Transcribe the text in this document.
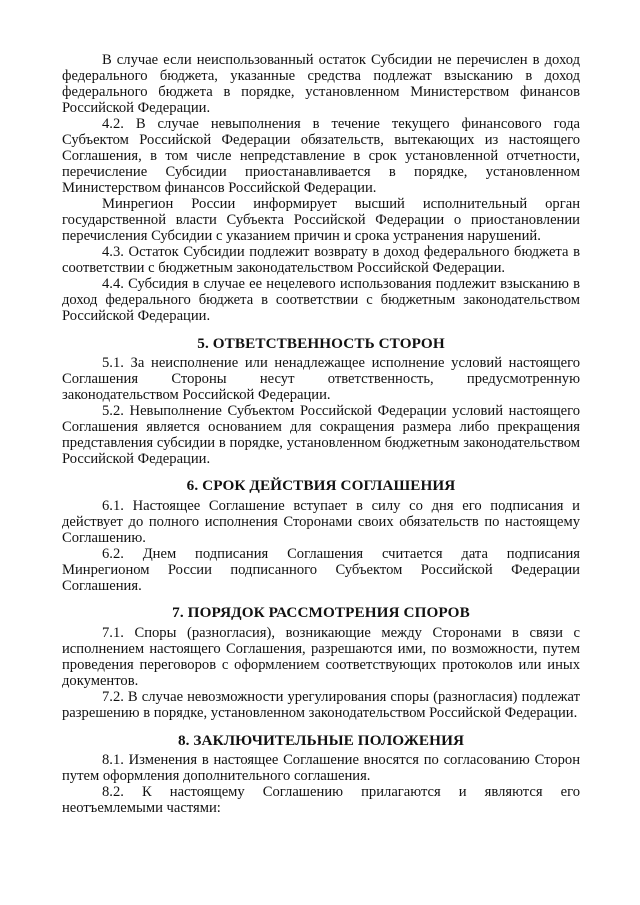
В случае если неиспользованный остаток Субсидии не перечислен в доход федерального бюджета, указанные средства подлежат взысканию в доход федерального бюджета в порядке, установленном Министерством финансов Российской Федерации.

4.2. В случае невыполнения в течение текущего финансового года Субъектом Российской Федерации обязательств, вытекающих из настоящего Соглашения, в том числе непредставление в срок установленной отчетности, перечисление Субсидии приостанавливается в порядке, установленном Министерством финансов Российской Федерации.

Минрегион России информирует высший исполнительный орган государственной власти Субъекта Российской Федерации о приостановлении перечисления Субсидии с указанием причин и срока устранения нарушений.

4.3. Остаток Субсидии подлежит возврату в доход федерального бюджета в соответствии с бюджетным законодательством Российской Федерации.

4.4. Субсидия в случае ее нецелевого использования подлежит взысканию в доход федерального бюджета в соответствии с бюджетным законодательством Российской Федерации.

5. ОТВЕТСТВЕННОСТЬ СТОРОН

5.1. За неисполнение или ненадлежащее исполнение условий настоящего Соглашения Стороны несут ответственность, предусмотренную законодательством Российской Федерации.

5.2. Невыполнение Субъектом Российской Федерации условий настоящего Соглашения является основанием для сокращения размера либо прекращения представления субсидии в порядке, установленном бюджетным законодательством Российской Федерации.

6. СРОК ДЕЙСТВИЯ СОГЛАШЕНИЯ

6.1. Настоящее Соглашение вступает в силу со дня его подписания и действует до полного исполнения Сторонами своих обязательств по настоящему Соглашению.

6.2. Днем подписания Соглашения считается дата подписания Минрегионом России подписанного Субъектом Российской Федерации Соглашения.

7. ПОРЯДОК РАССМОТРЕНИЯ СПОРОВ

7.1. Споры (разногласия), возникающие между Сторонами в связи с исполнением настоящего Соглашения, разрешаются ими, по возможности, путем проведения переговоров с оформлением соответствующих протоколов или иных документов.

7.2. В случае невозможности урегулирования споры (разногласия) подлежат разрешению в порядке, установленном законодательством Российской Федерации.

8. ЗАКЛЮЧИТЕЛЬНЫЕ ПОЛОЖЕНИЯ

8.1. Изменения в настоящее Соглашение вносятся по согласованию Сторон путем оформления дополнительного соглашения.

8.2. К настоящему Соглашению прилагаются и являются его неотъемлемыми частями:
